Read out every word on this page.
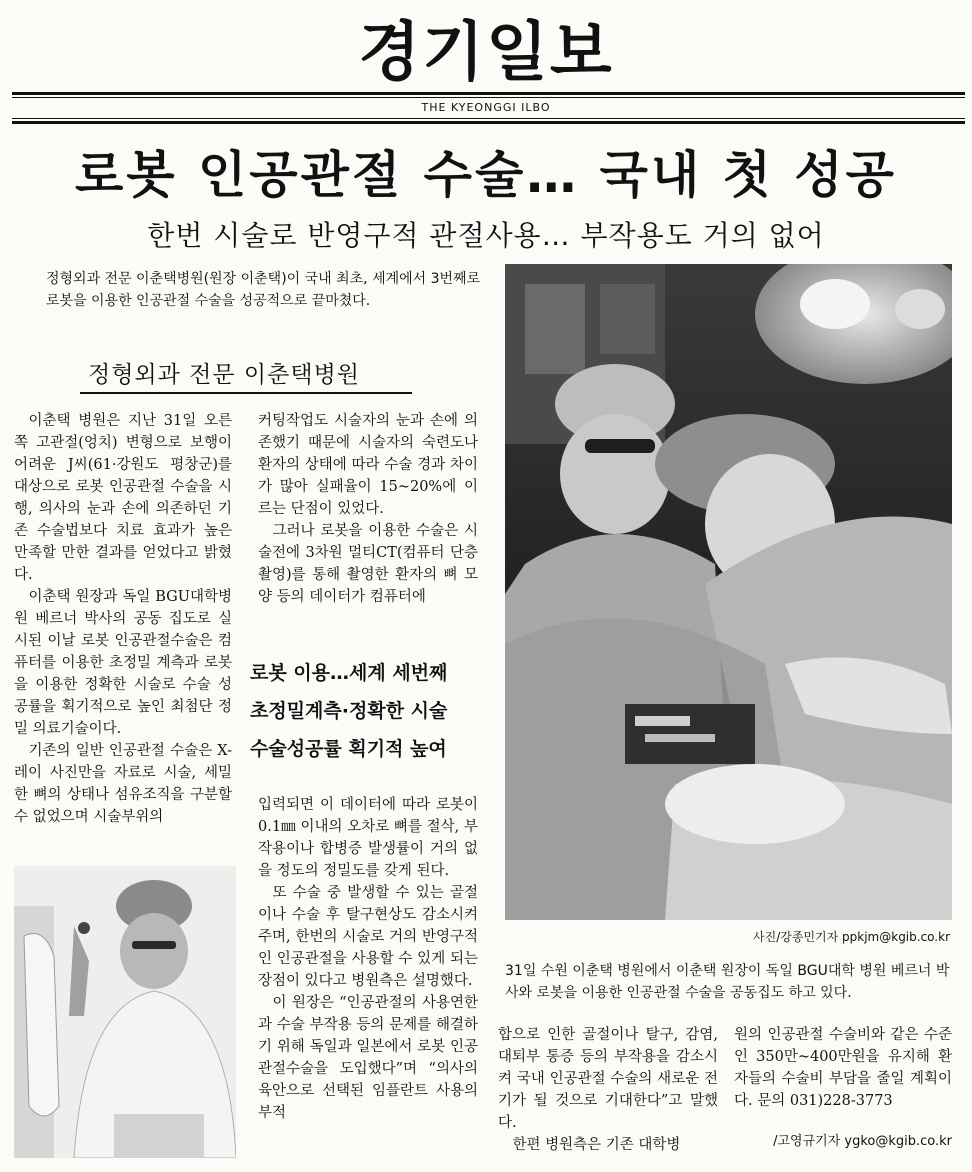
경기일보
THE KYEONGGI ILBO
로봇 인공관절 수술… 국내 첫 성공
한번 시술로 반영구적 관절사용… 부작용도 거의 없어
정형외과 전문 이춘택병원(원장 이춘택)이 국내 최초, 세계에서 3번째로 로봇을 이용한 인공관절 수술을 성공적으로 끝마쳤다.
정형외과 전문 이춘택병원

이춘택 병원은 지난 31일 오른쪽 고관절(엉치) 변형으로 보행이 어려운 J씨(61·강원도 평창군)를 대상으로 로봇 인공관절 수술을 시행, 의사의 눈과 손에 의존하던 기존 수술법보다 치료 효과가 높은 만족할 만한 결과를 얻었다고 밝혔다.

이춘택 원장과 독일 BGU대학병원 베르너 박사의 공동 집도로 실시된 이날 로봇 인공관절수술은 컴퓨터를 이용한 초정밀 계측과 로봇을 이용한 정확한 시술로 수술 성공률을 획기적으로 높인 최첨단 정밀 의료기술이다.

기존의 일반 인공관절 수술은 X-레이 사진만을 자료로 시술, 세밀한 뼈의 상태나 섬유조직을 구분할 수 없었으며 시술부위의

커팅작업도 시술자의 눈과 손에 의존했기 때문에 시술자의 숙련도나 환자의 상태에 따라 수술 경과 차이가 많아 실패율이 15~20%에 이르는 단점이 있었다.

그러나 로봇을 이용한 수술은 시술전에 3차원 멀티CT(컴퓨터 단층촬영)를 통해 촬영한 환자의 뼈 모양 등의 데이터가 컴퓨터에

로봇 이용…세계 세번째
초정밀계측·정확한 시술
수술성공률 획기적 높여

입력되면 이 데이터에 따라 로봇이 0.1㎜ 이내의 오차로 뼈를 절삭, 부작용이나 합병증 발생률이 거의 없을 정도의 정밀도를 갖게 된다.

또 수술 중 발생할 수 있는 골절이나 수술 후 탈구현상도 감소시켜 주며, 한번의 시술로 거의 반영구적인 인공관절을 사용할 수 있게 되는 장점이 있다고 병원측은 설명했다.

이 원장은 “인공관절의 사용연한과 수술 부작용 등의 문제를 해결하기 위해 독일과 일본에서 로봇 인공관절수술을 도입했다”며 “의사의 육안으로 선택된 임플란트 사용의 부적

사진/강종민기자 ppkjm@kgib.co.kr
31일 수원 이춘택 병원에서 이춘택 원장이 독일 BGU대학 병원 베르너 박사와 로봇을 이용한 인공관절 수술을 공동집도 하고 있다.

합으로 인한 골절이나 탈구, 감염, 대퇴부 통증 등의 부작용을 감소시켜 국내 인공관절 수술의 새로운 전기가 될 것으로 기대한다”고 말했다.

한편 병원측은 기존 대학병

원의 인공관절 수술비와 같은 수준인 350만~400만원을 유지해 환자들의 수술비 부담을 줄일 계획이다. 문의 031)228-3773

/고영규기자 ygko@kgib.co.kr
